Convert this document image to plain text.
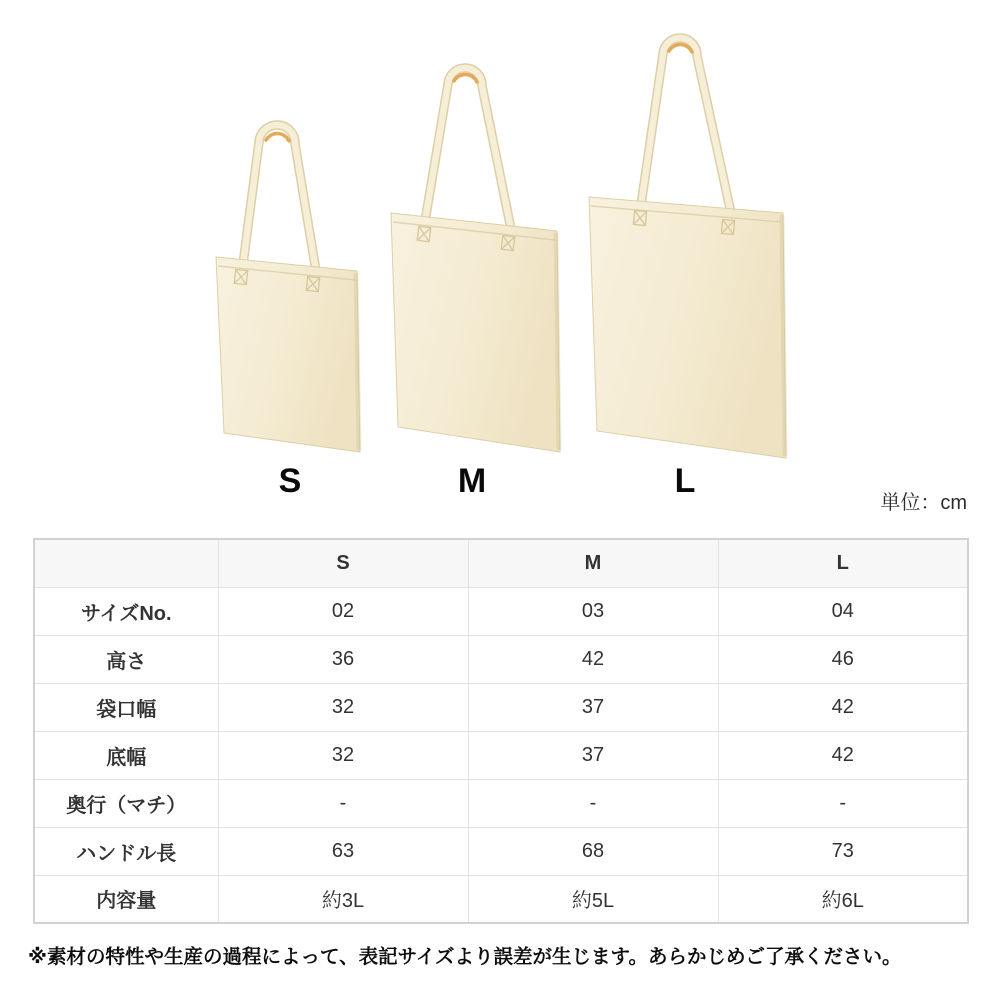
S	M	L
単位：cm
	S	M	L
サイズNo.	02	03	04
高さ	36	42	46
袋口幅	32	37	42
底幅	32	37	42
奥行（マチ）	-	-	-
ハンドル長	63	68	73
内容量	約3L	約5L	約6L
※素材の特性や生産の過程によって、表記サイズより誤差が生じます。あらかじめご了承ください。
